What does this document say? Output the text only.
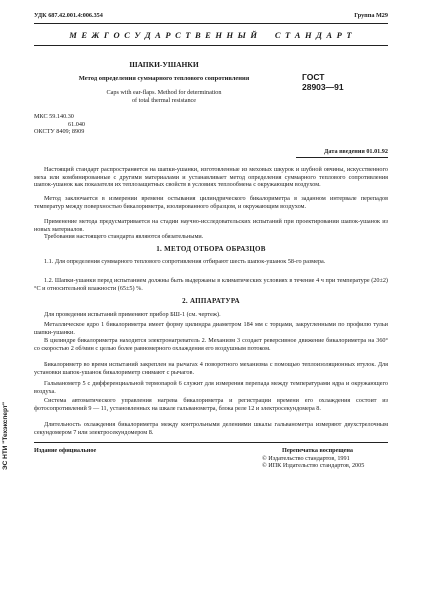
УДК 687.42.001.4:006.354	Группа М29
М Е Ж Г О С У Д А Р С Т В Е Н Н Ы Й     С Т А Н Д А Р Т
ШАПКИ-УШАНКИ
Метод определения суммарного теплового сопротивления
Caps with ear-flaps. Method for determination
of total thermal resistance
ГОСТ
28903—91
МКС 59.140.30
61.040
ОКСТУ 8409; 8909
Дата введения 01.01.92
Настоящий стандарт распространяется на шапки-ушанки, изготовленные из меховых шкурок и шубной овчины, искусственного меха или комбинированные с другими материалами и устанавливает метод определения суммарного теплового сопротивления шапок-ушанок как показателя их теплозащитных свойств в условиях теплообмена с окружающим воздухом.
Метод заключается в измерении времени остывания цилиндрического бикалориметра в заданном интервале перепадов температур между поверхностью бикалориметра, изолированного образцом, и окружающим воздухом.
Применение метода предусматривается на стадии научно-исследовательских испытаний при проектировании шапок-ушанок из новых материалов.
Требования настоящего стандарта являются обязательными.
1. МЕТОД ОТБОРА ОБРАЗЦОВ
1.1. Для определения суммарного теплового сопротивления отбирают шесть шапок-ушанок 58-го размера.
1.2. Шапки-ушанки перед испытанием должны быть выдержаны в климатических условиях в течение 4 ч при температуре (20±2) °С и относительной влажности (65±5) %.
2. АППАРАТУРА
Для проведения испытаний применяют прибор БШ-1 (см. чертеж).
Металлическое ядро 1 бикалориметра имеет форму цилиндра диаметром 184 мм с торцами, закругленными по профилю тульи шапки-ушанки.
В цилиндре бикалориметра находится электронагреватель 2. Механизм 3 создает реверсивное движение бикалориметра на 360° со скоростью 2 об/мин с целью более равномерного охлаждения его воздушным потоком.
Бикалориметр во время испытаний закреплен на рычагах 4 поворотного механизма с помощью теплоизоляционных втулок. Для установки шапок-ушанок бикалориметр снимают с рычагов.
Гальванометр 5 с дифференциальной термопарой 6 служит для измерения перепада между температурами ядра и окружающего воздуха.
Система автоматического управления нагрева бикалориметра и регистрации времени его охлаждения состоит из фотосопротивлений 9 — 11, установленных на шкале гальванометра, блока реле 12 и электросекундомера 8.
Длительность охлаждения бикалориметра между контрольными делениями шкалы гальванометра измеряют двухстрелочным секундомером 7 или электросекундомером 8.
Издание официальное	Перепечатка воспрещена
© Издательство стандартов, 1991
© ИПК Издательство стандартов, 2005
ЭС НТИ "Техэксперт"
